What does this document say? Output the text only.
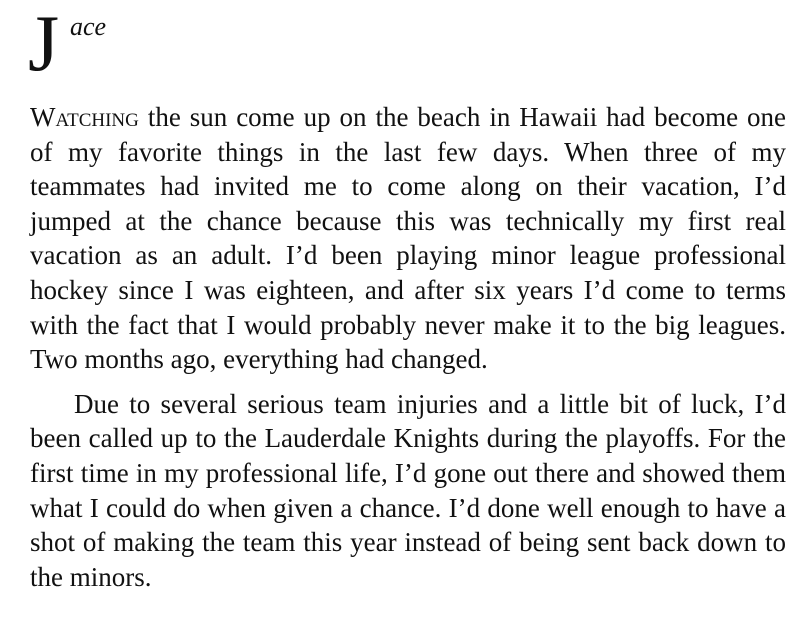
J ace

Watching the sun come up on the beach in Hawaii had become one of my favorite things in the last few days. When three of my teammates had invited me to come along on their vacation, I’d jumped at the chance because this was technically my first real vacation as an adult. I’d been playing minor league professional hockey since I was eighteen, and after six years I’d come to terms with the fact that I would probably never make it to the big leagues. Two months ago, everything had changed.

Due to several serious team injuries and a little bit of luck, I’d been called up to the Lauderdale Knights during the playoffs. For the first time in my professional life, I’d gone out there and showed them what I could do when given a chance. I’d done well enough to have a shot of making the team this year instead of being sent back down to the minors.
